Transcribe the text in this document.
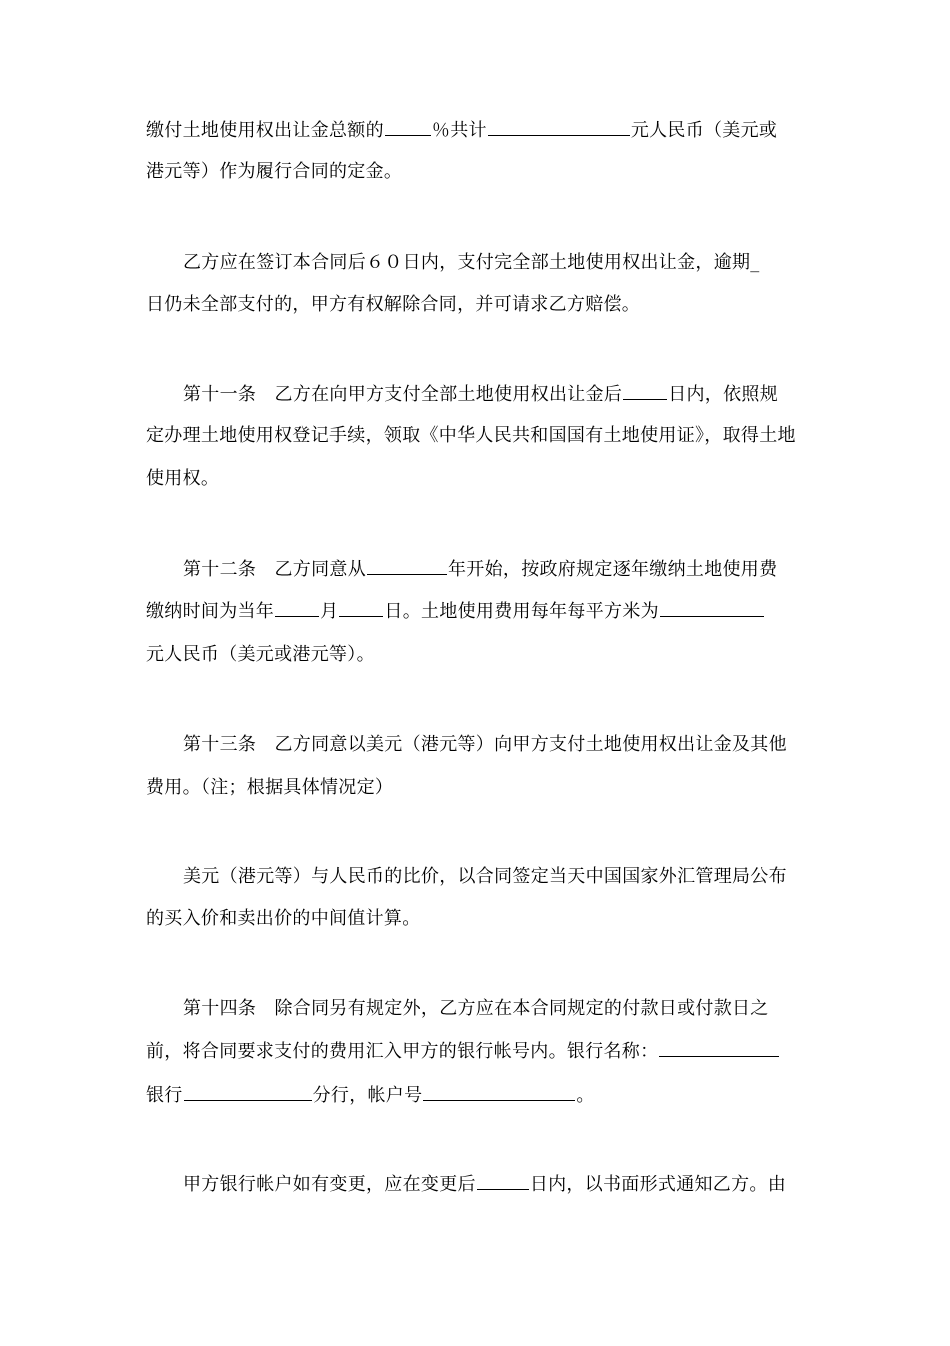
缴付土地使用权出让金总额的	％共计	元人民币（美元或
港元等）作为履行合同的定金。
乙方应在签订本合同后６０日内，支付完全部土地使用权出让金，逾期_
日仍未全部支付的，甲方有权解除合同，并可请求乙方赔偿。
第十一条　乙方在向甲方支付全部土地使用权出让金后	日内，依照规
定办理土地使用权登记手续，领取《中华人民共和国国有土地使用证》，取得土地
使用权。
第十二条　乙方同意从	年开始，按政府规定逐年缴纳土地使用费
缴纳时间为当年	月	日。土地使用费用每年每平方米为
元人民币（美元或港元等）。
第十三条　乙方同意以美元（港元等）向甲方支付土地使用权出让金及其他
费用。（注；根据具体情况定）
美元（港元等）与人民币的比价，以合同签定当天中国国家外汇管理局公布
的买入价和卖出价的中间值计算。
第十四条　除合同另有规定外，乙方应在本合同规定的付款日或付款日之
前，将合同要求支付的费用汇入甲方的银行帐号内。银行名称：
银行	分行，帐户号	。
甲方银行帐户如有变更，应在变更后	日内，以书面形式通知乙方。由
